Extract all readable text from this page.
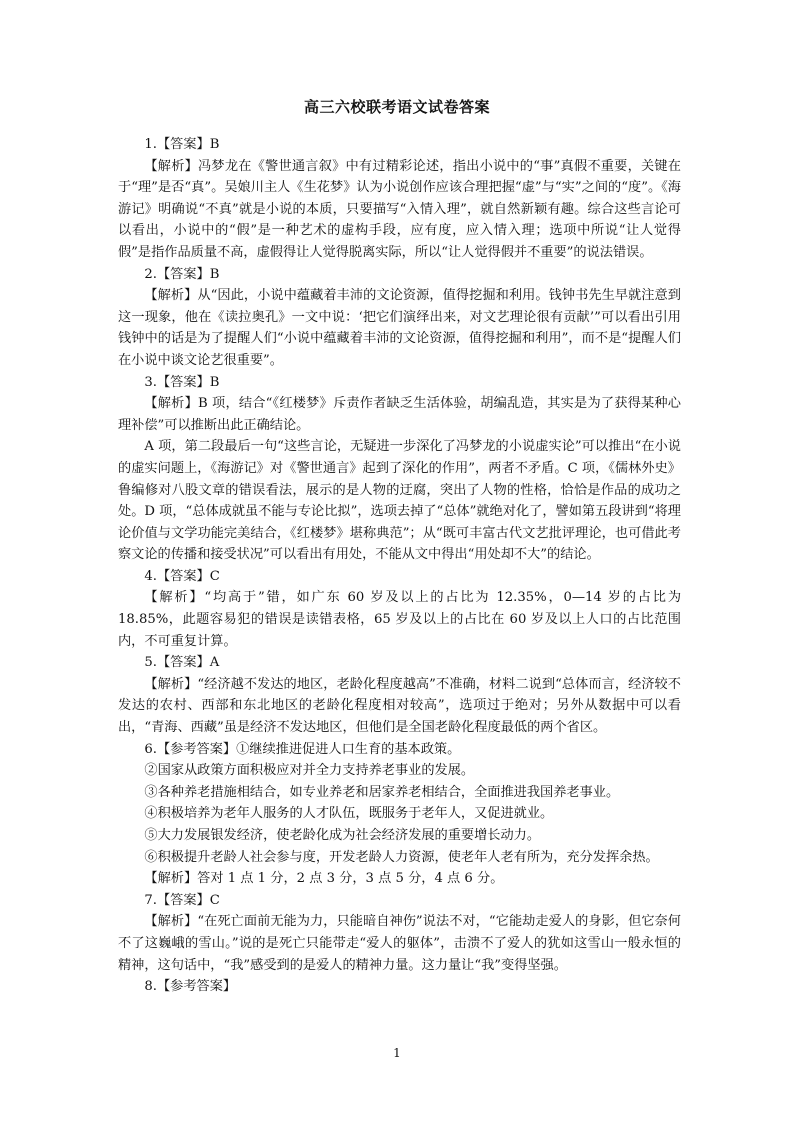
高三六校联考语文试卷答案

1.【答案】B

【解析】冯梦龙在《警世通言叙》中有过精彩论述，指出小说中的“事”真假不重要，关键在于“理”是否“真”。吴娘川主人《生花梦》认为小说创作应该合理把握“虚”与“实”之间的“度”。《海游记》明确说“不真”就是小说的本质，只要描写“入情入理”，就自然新颖有趣。综合这些言论可以看出，小说中的“假”是一种艺术的虚构手段，应有度，应入情入理；选项中所说“让人觉得假”是指作品质量不高，虚假得让人觉得脱离实际，所以“让人觉得假并不重要”的说法错误。

2.【答案】B

【解析】从“因此，小说中蕴藏着丰沛的文论资源，值得挖掘和利用。钱钟书先生早就注意到这一现象，他在《读拉奥孔》一文中说：‘把它们演绎出来，对文艺理论很有贡献’”可以看出引用钱钟中的话是为了提醒人们“小说中蕴藏着丰沛的文论资源，值得挖掘和利用”，而不是“提醒人们在小说中谈文论艺很重要”。

3.【答案】B

【解析】B 项，结合“《红楼梦》斥责作者缺乏生活体验，胡编乱造，其实是为了获得某种心理补偿”可以推断出此正确结论。

A 项，第二段最后一句“这些言论，无疑进一步深化了冯梦龙的小说虚实论”可以推出“在小说的虚实问题上，《海游记》对《警世通言》起到了深化的作用”，两者不矛盾。C 项，《儒林外史》鲁编修对八股文章的错误看法，展示的是人物的迂腐，突出了人物的性格，恰恰是作品的成功之处。D 项，“总体成就虽不能与专论比拟”，选项去掉了“总体”就绝对化了，譬如第五段讲到“将理论价值与文学功能完美结合，《红楼梦》堪称典范”；从“既可丰富古代文艺批评理论，也可借此考察文论的传播和接受状况”可以看出有用处，不能从文中得出“用处却不大”的结论。

4.【答案】C

【解析】“均高于”错，如广东 60 岁及以上的占比为 12.35%，0—14 岁的占比为 18.85%，此题容易犯的错误是读错表格，65 岁及以上的占比在 60 岁及以上人口的占比范围内，不可重复计算。

5.【答案】A

【解析】“经济越不发达的地区，老龄化程度越高”不准确，材料二说到“总体而言，经济较不发达的农村、西部和东北地区的老龄化程度相对较高”，选项过于绝对；另外从数据中可以看出，“青海、西藏”虽是经济不发达地区，但他们是全国老龄化程度最低的两个省区。

6.【参考答案】①继续推进促进人口生育的基本政策。

②国家从政策方面积极应对并全力支持养老事业的发展。

③各种养老措施相结合，如专业养老和居家养老相结合，全面推进我国养老事业。

④积极培养为老年人服务的人才队伍，既服务于老年人，又促进就业。

⑤大力发展银发经济，使老龄化成为社会经济发展的重要增长动力。

⑥积极提升老龄人社会参与度，开发老龄人力资源，使老年人老有所为，充分发挥余热。

【解析】答对 1 点 1 分，2 点 3 分，3 点 5 分，4 点 6 分。

7.【答案】C

【解析】“在死亡面前无能为力，只能暗自神伤”说法不对，“它能劫走爱人的身影，但它奈何不了这巍峨的雪山。”说的是死亡只能带走“爱人的躯体”，击溃不了爱人的犹如这雪山一般永恒的精神，这句话中，“我”感受到的是爱人的精神力量。这力量让“我”变得坚强。

8.【参考答案】

1
